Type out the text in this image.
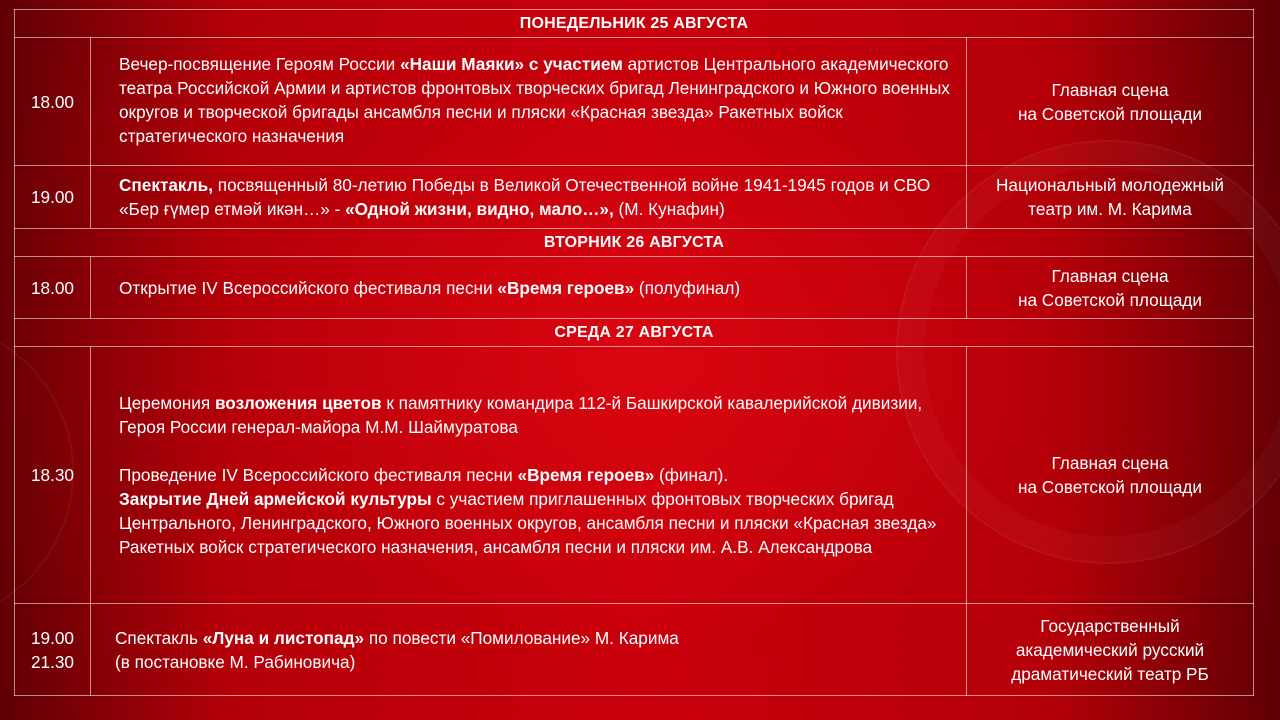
ПОНЕДЕЛЬНИК 25 АВГУСТА		
18.00	Вечер-посвящение Героям России «Наши Маяки» с участием артистов Центрального академического театра Российской Армии и артистов фронтовых творческих бригад Ленинградского и Южного военных округов и творческой бригады ансамбля песни и пляски «Красная звезда» Ракетных войск стратегического назначения	Главная сцена
на Советской площади

19.00	Спектакль, посвященный 80-летию Победы в Великой Отечественной войне 1941-1945 годов и СВО «Бер ғүмер етмәй икән…» - «Одной жизни, видно, мало…», (М. Кунафин)	Национальный молодежный
театр им. М. Карима

ВТОРНИК 26 АВГУСТА		
18.00	Открытие IV Всероссийского фестиваля песни «Время героев» (полуфинал)	Главная сцена
на Советской площади

СРЕДА 27 АВГУСТА		
18.30	Церемония возложения цветов к памятнику командира 112-й Башкирской кавалерийской дивизии, Героя России генерал-майора М.М. Шаймуратова
Проведение IV Всероссийского фестиваля песни «Время героев» (финал).
Закрытие Дней армейской культуры с участием приглашенных фронтовых творческих бригад Центрального, Ленинградского, Южного военных округов, ансамбля песни и пляски «Красная звезда» Ракетных войск стратегического назначения, ансамбля песни и пляски им. А.В. Александрова	Главная сцена
на Советской площади

19.00
21.30	Спектакль «Луна и листопад» по повести «Помилование» М. Карима
(в постановке М. Рабиновича)	Государственный
академический русский
драматический театр РБ
